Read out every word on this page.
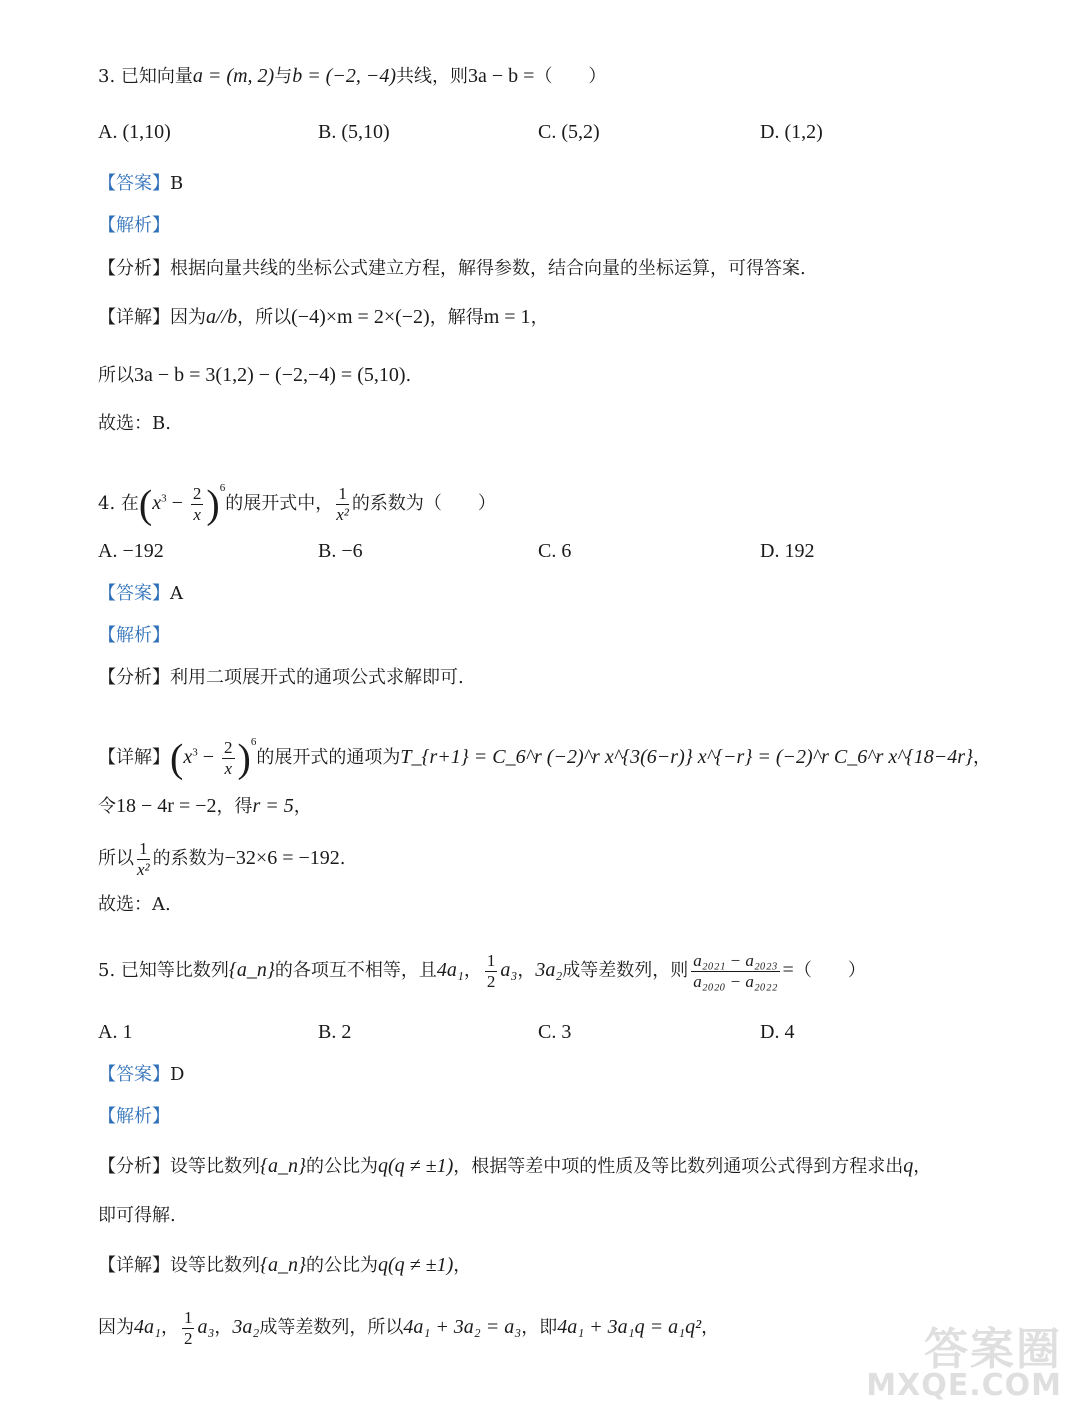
3. 已知向量a = (m, 2)与b = (−2, −4)共线，则3a − b =（　　）
A. (1,10)	B. (5,10)	C. (5,2)	D. (1,2)
【答案】B
【解析】
【分析】根据向量共线的坐标公式建立方程，解得参数，结合向量的坐标运算，可得答案.
【详解】因为a//b，所以(−4)×m = 2×(−2)，解得m = 1，
所以3a − b = 3(1,2) − (−2,−4) = (5,10).
故选：B.
4. 在$(x^3 - \frac{2}{x} )^6$的展开式中， $\frac{1}{\text{x²}}$ 的系数为（　　）
A. −192	B. −6	C. 6	D. 192
【答案】A
【解析】
【分析】利用二项展开式的通项公式求解即可.
【详解】$(x^3 - \frac{2}{x} )^6$的展开式的通项为T_{r+1} = C_6^r (−2)^r x^{3(6−r)} x^{−r} = (−2)^r C_6^r x^{18−4r}，
令18 − 4r = −2，得r = 5，
所以 $\frac{1}{\text{x²}}$ 的系数为−32×6 = −192.
故选：A.
5. 已知等比数列{a_n}的各项互不相等，且4a₁， $\frac{1}{2} a_3$，3a₂成等差数列，则 $\frac{\text{a₂₀₂₁ − a₂₀₂₃}}{\text{a₂₀₂₀ − a₂₀₂₂}}$ =（　　）
A. 1	B. 2	C. 3	D. 4
【答案】D
【解析】
【分析】设等比数列{a_n}的公比为q(q ≠ ±1)，根据等差中项的性质及等比数列通项公式得到方程求出q，
即可得解.
【详解】设等比数列{a_n}的公比为q(q ≠ ±1)，
因为4a₁， $\frac{1}{2} a_3$，3a₂成等差数列，所以4a₁ + 3a₂ = a₃，即4a₁ + 3a₁q = a₁q²，	答案圈
MXQE.COM
